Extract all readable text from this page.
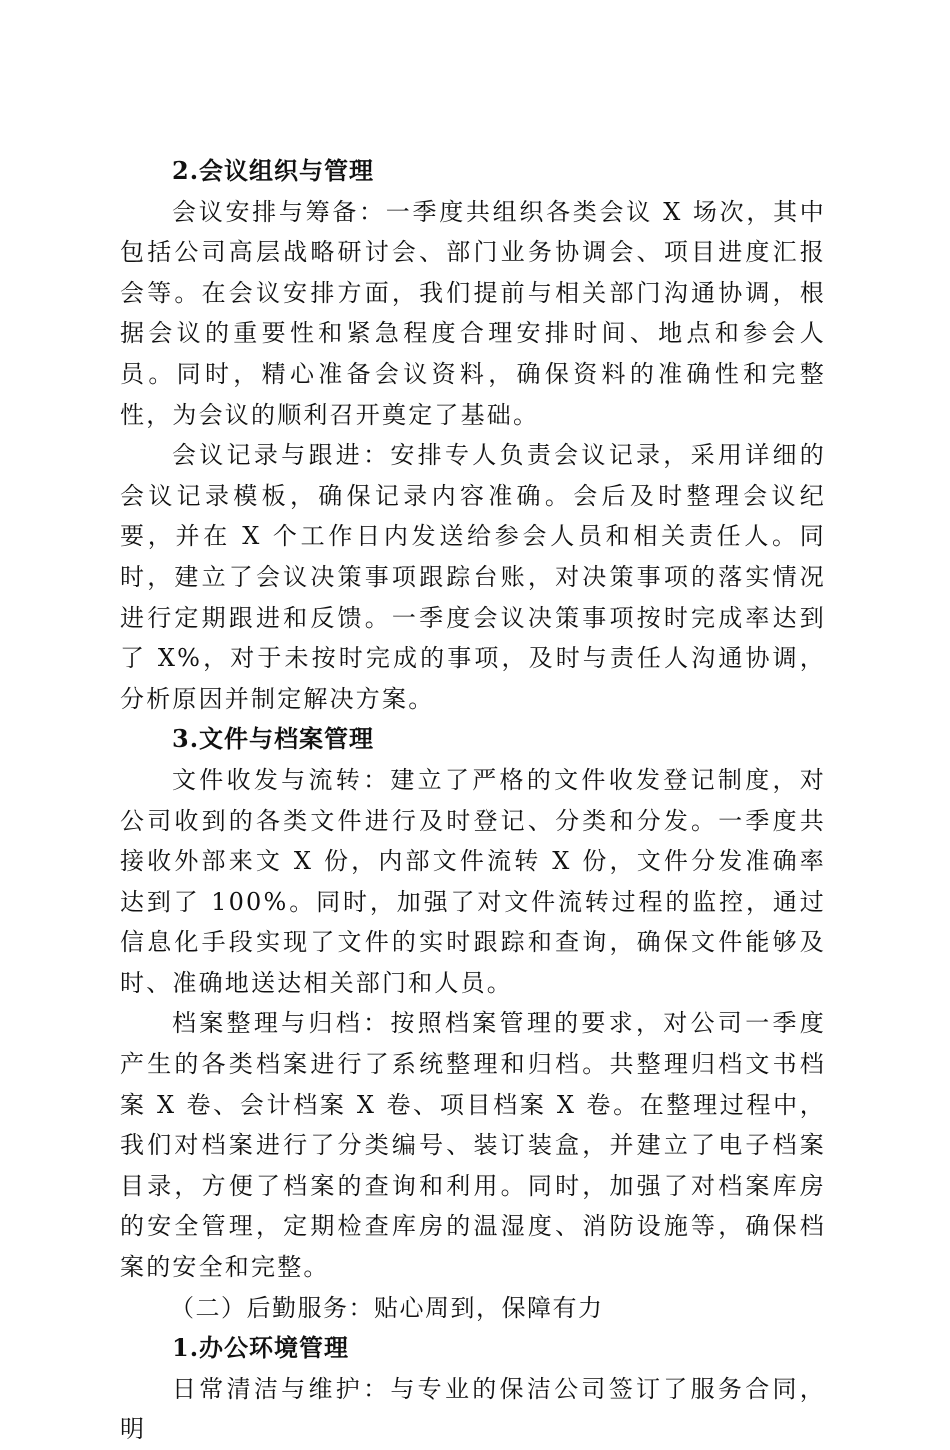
2.会议组织与管理

会议安排与筹备：一季度共组织各类会议 X 场次，其中包括公司高层战略研讨会、部门业务协调会、项目进度汇报会等。在会议安排方面，我们提前与相关部门沟通协调，根据会议的重要性和紧急程度合理安排时间、地点和参会人员。同时，精心准备会议资料，确保资料的准确性和完整性，为会议的顺利召开奠定了基础。

会议记录与跟进：安排专人负责会议记录，采用详细的会议记录模板，确保记录内容准确。会后及时整理会议纪要，并在 X 个工作日内发送给参会人员和相关责任人。同时，建立了会议决策事项跟踪台账，对决策事项的落实情况进行定期跟进和反馈。一季度会议决策事项按时完成率达到了 X%，对于未按时完成的事项，及时与责任人沟通协调，分析原因并制定解决方案。

3.文件与档案管理

文件收发与流转：建立了严格的文件收发登记制度，对公司收到的各类文件进行及时登记、分类和分发。一季度共接收外部来文 X 份，内部文件流转 X 份，文件分发准确率达到了 100%。同时，加强了对文件流转过程的监控，通过信息化手段实现了文件的实时跟踪和查询，确保文件能够及时、准确地送达相关部门和人员。

档案整理与归档：按照档案管理的要求，对公司一季度产生的各类档案进行了系统整理和归档。共整理归档文书档案 X 卷、会计档案 X 卷、项目档案 X 卷。在整理过程中，我们对档案进行了分类编号、装订装盒，并建立了电子档案目录，方便了档案的查询和利用。同时，加强了对档案库房的安全管理，定期检查库房的温湿度、消防设施等，确保档案的安全和完整。

（二）后勤服务：贴心周到，保障有力

1.办公环境管理

日常清洁与维护：与专业的保洁公司签订了服务合同，明
